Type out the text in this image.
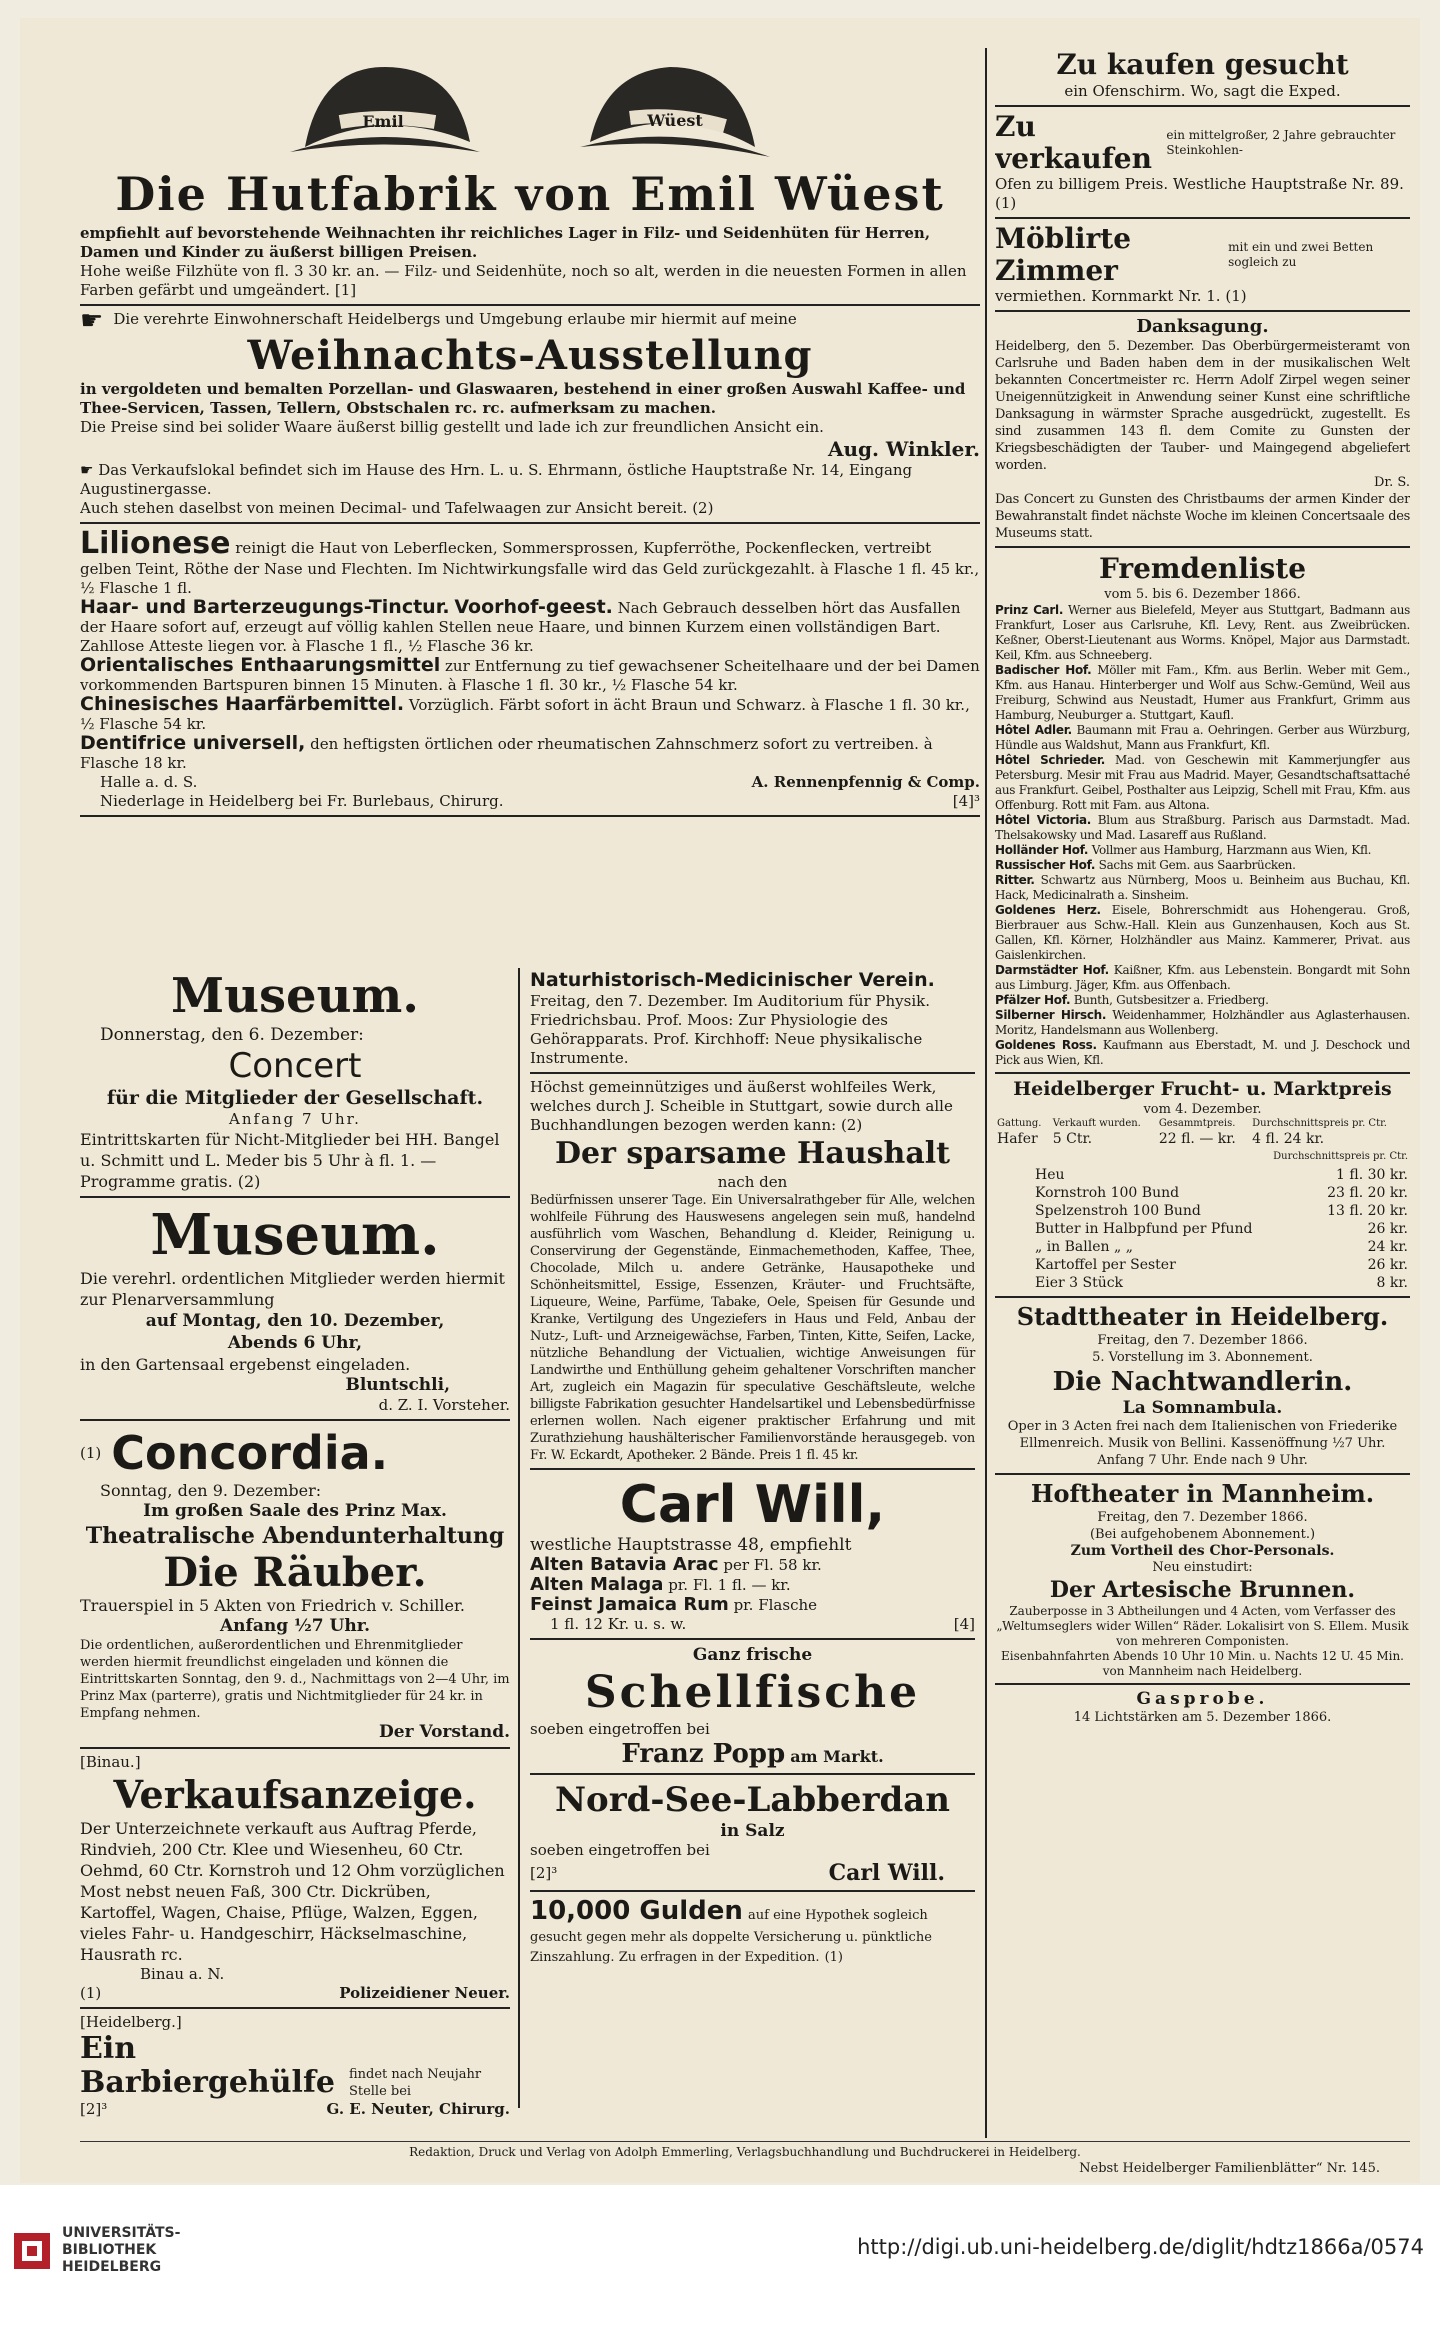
Emil	Wüest
Die Hutfabrik von Emil Wüest
empfiehlt auf bevorstehende Weihnachten ihr reichliches Lager in Filz- und Seidenhüten für Herren, Damen und Kinder zu äußerst billigen Preisen.
Hohe weiße Filzhüte von fl. 3 30 kr. an. — Filz- und Seidenhüte, noch so alt, werden in die neuesten Formen in allen Farben gefärbt und umgeändert. [1]
☛ Die verehrte Einwohnerschaft Heidelbergs und Umgebung erlaube mir hiermit auf meine
Weihnachts-Ausstellung
in vergoldeten und bemalten Porzellan- und Glaswaaren, bestehend in einer großen Auswahl Kaffee- und Thee-Servicen, Tassen, Tellern, Obstschalen rc. rc. aufmerksam zu machen.
Die Preise sind bei solider Waare äußerst billig gestellt und lade ich zur freundlichen Ansicht ein.
Aug. Winkler.
☛ Das Verkaufslokal befindet sich im Hause des Hrn. L. u. S. Ehrmann, östliche Hauptstraße Nr. 14, Eingang Augustinergasse.
Auch stehen daselbst von meinen Decimal- und Tafelwaagen zur Ansicht bereit. (2)
Lilionese reinigt die Haut von Leberflecken, Sommersprossen, Kupferröthe, Pockenflecken, vertreibt gelben Teint, Röthe der Nase und Flechten. Im Nichtwirkungsfalle wird das Geld zurückgezahlt. à Flasche 1 fl. 45 kr., ½ Flasche 1 fl.
Haar- und Barterzeugungs-Tinctur. Voorhof-geest. Nach Gebrauch desselben hört das Ausfallen der Haare sofort auf, erzeugt auf völlig kahlen Stellen neue Haare, und binnen Kurzem einen vollständigen Bart. Zahllose Atteste liegen vor. à Flasche 1 fl., ½ Flasche 36 kr.
Orientalisches Enthaarungsmittel zur Entfernung zu tief gewachsener Scheitelhaare und der bei Damen vorkommenden Bartspuren binnen 15 Minuten. à Flasche 1 fl. 30 kr., ½ Flasche 54 kr.
Chinesisches Haarfärbemittel. Vorzüglich. Färbt sofort in ächt Braun und Schwarz. à Flasche 1 fl. 30 kr., ½ Flasche 54 kr.
Dentifrice universell, den heftigsten örtlichen oder rheumatischen Zahnschmerz sofort zu vertreiben. à Flasche 18 kr.
Halle a. d. S.	A. Rennenpfennig & Comp.
Niederlage in Heidelberg bei Fr. Burlebaus, Chirurg.	[4]³
Museum.
Donnerstag, den 6. Dezember:
Concert
für die Mitglieder der Gesellschaft.
Anfang 7 Uhr.
Eintrittskarten für Nicht-Mitglieder bei HH. Bangel u. Schmitt und L. Meder bis 5 Uhr à fl. 1. — Programme gratis. (2)
Museum.
Die verehrl. ordentlichen Mitglieder werden hiermit zur Plenarversammlung
auf Montag, den 10. Dezember,
Abends 6 Uhr,
in den Gartensaal ergebenst eingeladen.
Bluntschli,
d. Z. I. Vorsteher.
(1) Concordia.
Sonntag, den 9. Dezember:
Im großen Saale des Prinz Max.
Theatralische Abendunterhaltung
Die Räuber.
Trauerspiel in 5 Akten von Friedrich v. Schiller.
Anfang ½7 Uhr.
Die ordentlichen, außerordentlichen und Ehrenmitglieder werden hiermit freundlichst eingeladen und können die Eintrittskarten Sonntag, den 9. d., Nachmittags von 2—4 Uhr, im Prinz Max (parterre), gratis und Nichtmitglieder für 24 kr. in Empfang nehmen.
Der Vorstand.
[Binau.]
Verkaufsanzeige.
Der Unterzeichnete verkauft aus Auftrag Pferde, Rindvieh, 200 Ctr. Klee und Wiesenheu, 60 Ctr. Oehmd, 60 Ctr. Kornstroh und 12 Ohm vorzüglichen Most nebst neuen Faß, 300 Ctr. Dickrüben, Kartoffel, Wagen, Chaise, Pflüge, Walzen, Eggen, vieles Fahr- u. Handgeschirr, Häckselmaschine, Hausrath rc.
Binau a. N.
(1)	Polizeidiener Neuer.
[Heidelberg.]
Ein Barbiergehülfe	findet nach Neujahr Stelle bei
[2]³	G. E. Neuter, Chirurg.
Naturhistorisch-Medicinischer Verein.
Freitag, den 7. Dezember. Im Auditorium für Physik. Friedrichsbau. Prof. Moos: Zur Physiologie des Gehörapparats. Prof. Kirchhoff: Neue physikalische Instrumente.
Höchst gemeinnütziges und äußerst wohlfeiles Werk, welches durch J. Scheible in Stuttgart, sowie durch alle Buchhandlungen bezogen werden kann: (2)
Der sparsame Haushalt
nach den
Bedürfnissen unserer Tage. Ein Universalrathgeber für Alle, welchen wohlfeile Führung des Hauswesens angelegen sein muß, handelnd ausführlich vom Waschen, Behandlung d. Kleider, Reinigung u. Conservirung der Gegenstände, Einmachemethoden, Kaffee, Thee, Chocolade, Milch u. andere Getränke, Hausapotheke und Schönheitsmittel, Essige, Essenzen, Kräuter- und Fruchtsäfte, Liqueure, Weine, Parfüme, Tabake, Oele, Speisen für Gesunde und Kranke, Vertilgung des Ungeziefers in Haus und Feld, Anbau der Nutz-, Luft- und Arzneigewächse, Farben, Tinten, Kitte, Seifen, Lacke, nützliche Behandlung der Victualien, wichtige Anweisungen für Landwirthe und Enthüllung geheim gehaltener Vorschriften mancher Art, zugleich ein Magazin für speculative Geschäftsleute, welche billigste Fabrikation gesuchter Handelsartikel und Lebensbedürfnisse erlernen wollen. Nach eigener praktischer Erfahrung und mit Zurathziehung haushälterischer Familienvorstände herausgegeb. von Fr. W. Eckardt, Apotheker. 2 Bände. Preis 1 fl. 45 kr.
Carl Will,
westliche Hauptstrasse 48, empfiehlt
Alten Batavia Arac per Fl. 58 kr.
Alten Malaga pr. Fl. 1 fl. — kr.
Feinst Jamaica Rum pr. Flasche
1 fl. 12 Kr. u. s. w.	[4]
Ganz frische
Schellfische
soeben eingetroffen bei
Franz Popp am Markt.
Nord-See-Labberdan
in Salz
soeben eingetroffen bei
[2]³	Carl Will.
10,000 Gulden auf eine Hypothek sogleich gesucht gegen mehr als doppelte Versicherung u. pünktliche Zinszahlung. Zu erfragen in der Expedition. (1)
Zu kaufen gesucht
ein Ofenschirm. Wo, sagt die Exped.
Zu verkaufen
ein mittelgroßer, 2 Jahre gebrauchter Steinkohlen-
Ofen zu billigem Preis. Westliche Hauptstraße Nr. 89. (1)
Möblirte Zimmer
mit ein und zwei Betten sogleich zu
vermiethen. Kornmarkt Nr. 1. (1)
Danksagung.
Heidelberg, den 5. Dezember. Das Oberbürgermeisteramt von Carlsruhe und Baden haben dem in der musikalischen Welt bekannten Concertmeister rc. Herrn Adolf Zirpel wegen seiner Uneigennützigkeit in Anwendung seiner Kunst eine schriftliche Danksagung in wärmster Sprache ausgedrückt, zugestellt. Es sind zusammen 143 fl. dem Comite zu Gunsten der Kriegsbeschädigten der Tauber- und Maingegend abgeliefert worden.
Dr. S.
Das Concert zu Gunsten des Christbaums der armen Kinder der Bewahranstalt findet nächste Woche im kleinen Concertsaale des Museums statt.
Fremdenliste
vom 5. bis 6. Dezember 1866.
Prinz Carl. Werner aus Bielefeld, Meyer aus Stuttgart, Badmann aus Frankfurt, Loser aus Carlsruhe, Kfl. Levy, Rent. aus Zweibrücken. Keßner, Oberst-Lieutenant aus Worms. Knöpel, Major aus Darmstadt. Keil, Kfm. aus Schneeberg.
Badischer Hof. Möller mit Fam., Kfm. aus Berlin. Weber mit Gem., Kfm. aus Hanau. Hinterberger und Wolf aus Schw.-Gemünd, Weil aus Freiburg, Schwind aus Neustadt, Humer aus Frankfurt, Grimm aus Hamburg, Neuburger a. Stuttgart, Kaufl.
Hôtel Adler. Baumann mit Frau a. Oehringen. Gerber aus Würzburg, Hündle aus Waldshut, Mann aus Frankfurt, Kfl.
Hôtel Schrieder. Mad. von Geschewin mit Kammerjungfer aus Petersburg. Mesir mit Frau aus Madrid. Mayer, Gesandtschaftsattaché aus Frankfurt. Geibel, Posthalter aus Leipzig, Schell mit Frau, Kfm. aus Offenburg. Rott mit Fam. aus Altona.
Hôtel Victoria. Blum aus Straßburg. Parisch aus Darmstadt. Mad. Thelsakowsky und Mad. Lasareff aus Rußland.
Holländer Hof. Vollmer aus Hamburg, Harzmann aus Wien, Kfl.
Russischer Hof. Sachs mit Gem. aus Saarbrücken.
Ritter. Schwartz aus Nürnberg, Moos u. Beinheim aus Buchau, Kfl. Hack, Medicinalrath a. Sinsheim.
Goldenes Herz. Eisele, Bohrerschmidt aus Hohengerau. Groß, Bierbrauer aus Schw.-Hall. Klein aus Gunzenhausen, Koch aus St. Gallen, Kfl. Körner, Holzhändler aus Mainz. Kammerer, Privat. aus Gaislenkirchen.
Darmstädter Hof. Kaißner, Kfm. aus Lebenstein. Bongardt mit Sohn aus Limburg. Jäger, Kfm. aus Offenbach.
Pfälzer Hof. Bunth, Gutsbesitzer a. Friedberg.
Silberner Hirsch. Weidenhammer, Holzhändler aus Aglasterhausen. Moritz, Handelsmann aus Wollenberg.
Goldenes Ross. Kaufmann aus Eberstadt, M. und J. Deschock und Pick aus Wien, Kfl.
Heidelberger Frucht- u. Marktpreis
vom 4. Dezember.
Gattung.	Verkauft wurden.	Gesammtpreis.	Durchschnittspreis pr. Ctr.
Hafer	5 Ctr.	22 fl. — kr.	4 fl. 24 kr.
Durchschnittspreis pr. Ctr.			
Heu	1 fl. 30 kr.
Kornstroh 100 Bund	23 fl. 20 kr.
Spelzenstroh 100 Bund	13 fl. 20 kr.
Butter in Halbpfund per Pfund	26 kr.
„ in Ballen „ „	24 kr.
Kartoffel per Sester	26 kr.
Eier 3 Stück	8 kr.
Stadttheater in Heidelberg.
Freitag, den 7. Dezember 1866.
5. Vorstellung im 3. Abonnement.
Die Nachtwandlerin.
La Somnambula.
Oper in 3 Acten frei nach dem Italienischen von Friederike Ellmenreich. Musik von Bellini. Kassenöffnung ½7 Uhr. Anfang 7 Uhr. Ende nach 9 Uhr.
Hoftheater in Mannheim.
Freitag, den 7. Dezember 1866.
(Bei aufgehobenem Abonnement.)
Zum Vortheil des Chor-Personals.
Neu einstudirt:
Der Artesische Brunnen.
Zauberposse in 3 Abtheilungen und 4 Acten, vom Verfasser des „Weltumseglers wider Willen“ Räder. Lokalisirt von S. Ellem. Musik von mehreren Componisten.
Eisenbahnfahrten Abends 10 Uhr 10 Min. u. Nachts 12 U. 45 Min. von Mannheim nach Heidelberg.
Gasprobe.
14 Lichtstärken am 5. Dezember 1866.
Redaktion, Druck und Verlag von Adolph Emmerling, Verlagsbuchhandlung und Buchdruckerei in Heidelberg.
Nebst Heidelberger Familienblätter“ Nr. 145.
UNIVERSITÄTS-
BIBLIOTHEK
HEIDELBERG
http://digi.ub.uni-heidelberg.de/diglit/hdtz1866a/0574
